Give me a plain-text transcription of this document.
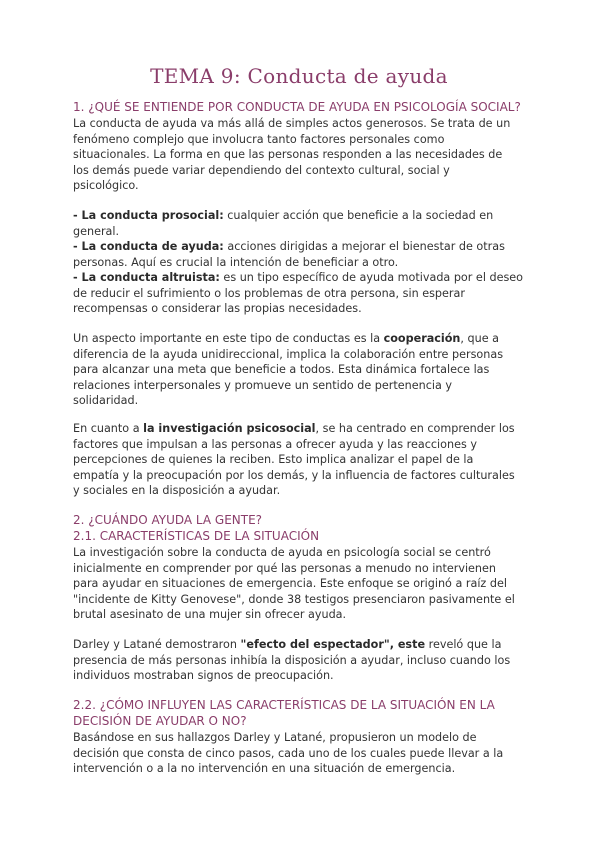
TEMA 9: Conducta de ayuda
1. ¿QUÉ SE ENTIENDE POR CONDUCTA DE AYUDA EN PSICOLOGÍA SOCIAL?
La conducta de ayuda va más allá de simples actos generosos. Se trata de un
fenómeno complejo que involucra tanto factores personales como
situacionales. La forma en que las personas responden a las necesidades de
los demás puede variar dependiendo del contexto cultural, social y
psicológico.
- La conducta prosocial: cualquier acción que beneficie a la sociedad en
general.
- La conducta de ayuda: acciones dirigidas a mejorar el bienestar de otras
personas. Aquí es crucial la intención de beneficiar a otro.
- La conducta altruista: es un tipo específico de ayuda motivada por el deseo
de reducir el sufrimiento o los problemas de otra persona, sin esperar
recompensas o considerar las propias necesidades.
Un aspecto importante en este tipo de conductas es la cooperación, que a
diferencia de la ayuda unidireccional, implica la colaboración entre personas
para alcanzar una meta que beneficie a todos. Esta dinámica fortalece las
relaciones interpersonales y promueve un sentido de pertenencia y
solidaridad.
En cuanto a la investigación psicosocial, se ha centrado en comprender los
factores que impulsan a las personas a ofrecer ayuda y las reacciones y
percepciones de quienes la reciben. Esto implica analizar el papel de la
empatía y la preocupación por los demás, y la influencia de factores culturales
y sociales en la disposición a ayudar.
2. ¿CUÁNDO AYUDA LA GENTE?
2.1. CARACTERÍSTICAS DE LA SITUACIÓN
La investigación sobre la conducta de ayuda en psicología social se centró
inicialmente en comprender por qué las personas a menudo no intervienen
para ayudar en situaciones de emergencia. Este enfoque se originó a raíz del
"incidente de Kitty Genovese", donde 38 testigos presenciaron pasivamente el
brutal asesinato de una mujer sin ofrecer ayuda.
Darley y Latané demostraron "efecto del espectador", este reveló que la
presencia de más personas inhibía la disposición a ayudar, incluso cuando los
individuos mostraban signos de preocupación.
2.2. ¿CÓMO INFLUYEN LAS CARACTERÍSTICAS DE LA SITUACIÓN EN LA
DECISIÓN DE AYUDAR O NO?
Basándose en sus hallazgos Darley y Latané, propusieron un modelo de
decisión que consta de cinco pasos, cada uno de los cuales puede llevar a la
intervención o a la no intervención en una situación de emergencia.
